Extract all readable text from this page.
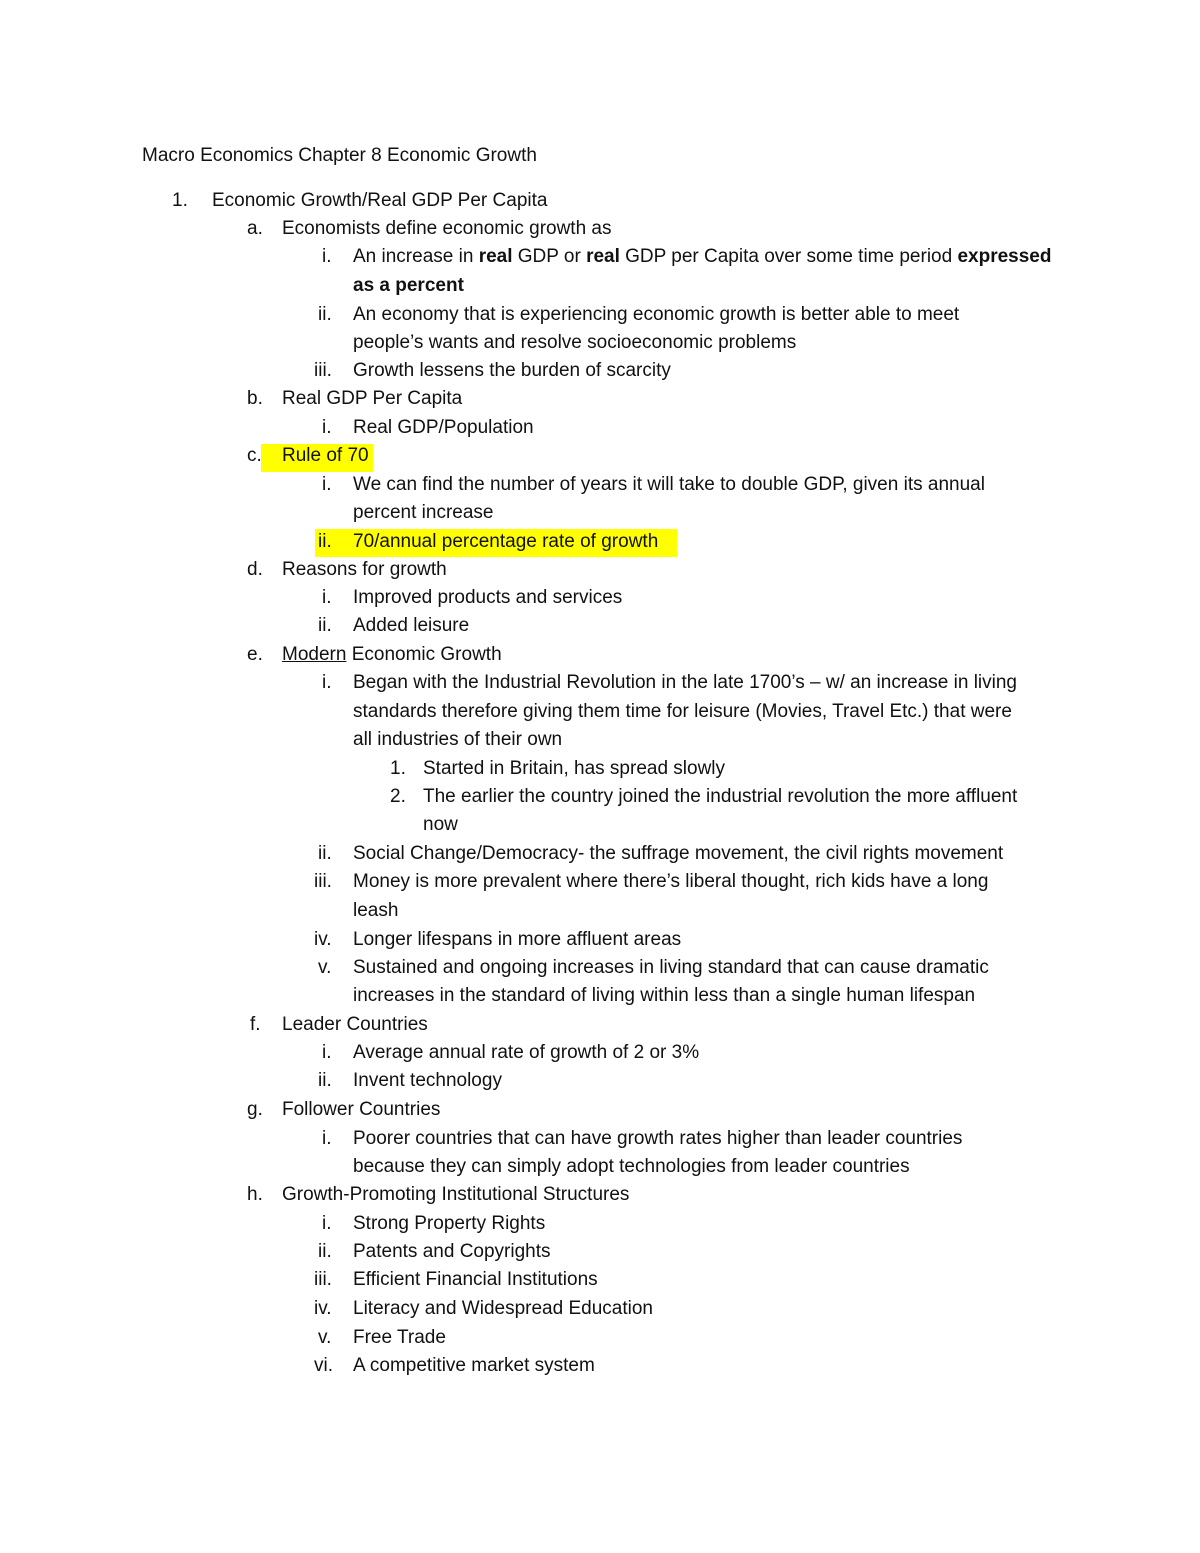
Macro Economics Chapter 8 Economic Growth
1. Economic Growth/Real GDP Per Capita
a. Economists define economic growth as
i. An increase in real GDP or real GDP per Capita over some time period expressed
as a percent
ii. An economy that is experiencing economic growth is better able to meet
people’s wants and resolve socioeconomic problems
iii. Growth lessens the burden of scarcity
b. Real GDP Per Capita
i. Real GDP/Population
c. Rule of 70
i. We can find the number of years it will take to double GDP, given its annual
percent increase
ii. 70/annual percentage rate of growth
d. Reasons for growth
i. Improved products and services
ii. Added leisure
e. Modern Economic Growth
i. Began with the Industrial Revolution in the late 1700’s – w/ an increase in living
standards therefore giving them time for leisure (Movies, Travel Etc.) that were
all industries of their own
1. Started in Britain, has spread slowly
2. The earlier the country joined the industrial revolution the more affluent
now
ii. Social Change/Democracy- the suffrage movement, the civil rights movement
iii. Money is more prevalent where there’s liberal thought, rich kids have a long
leash
iv. Longer lifespans in more affluent areas
v. Sustained and ongoing increases in living standard that can cause dramatic
increases in the standard of living within less than a single human lifespan
f. Leader Countries
i. Average annual rate of growth of 2 or 3%
ii. Invent technology
g. Follower Countries
i. Poorer countries that can have growth rates higher than leader countries
because they can simply adopt technologies from leader countries
h. Growth-Promoting Institutional Structures
i. Strong Property Rights
ii. Patents and Copyrights
iii. Efficient Financial Institutions
iv. Literacy and Widespread Education
v. Free Trade
vi. A competitive market system
